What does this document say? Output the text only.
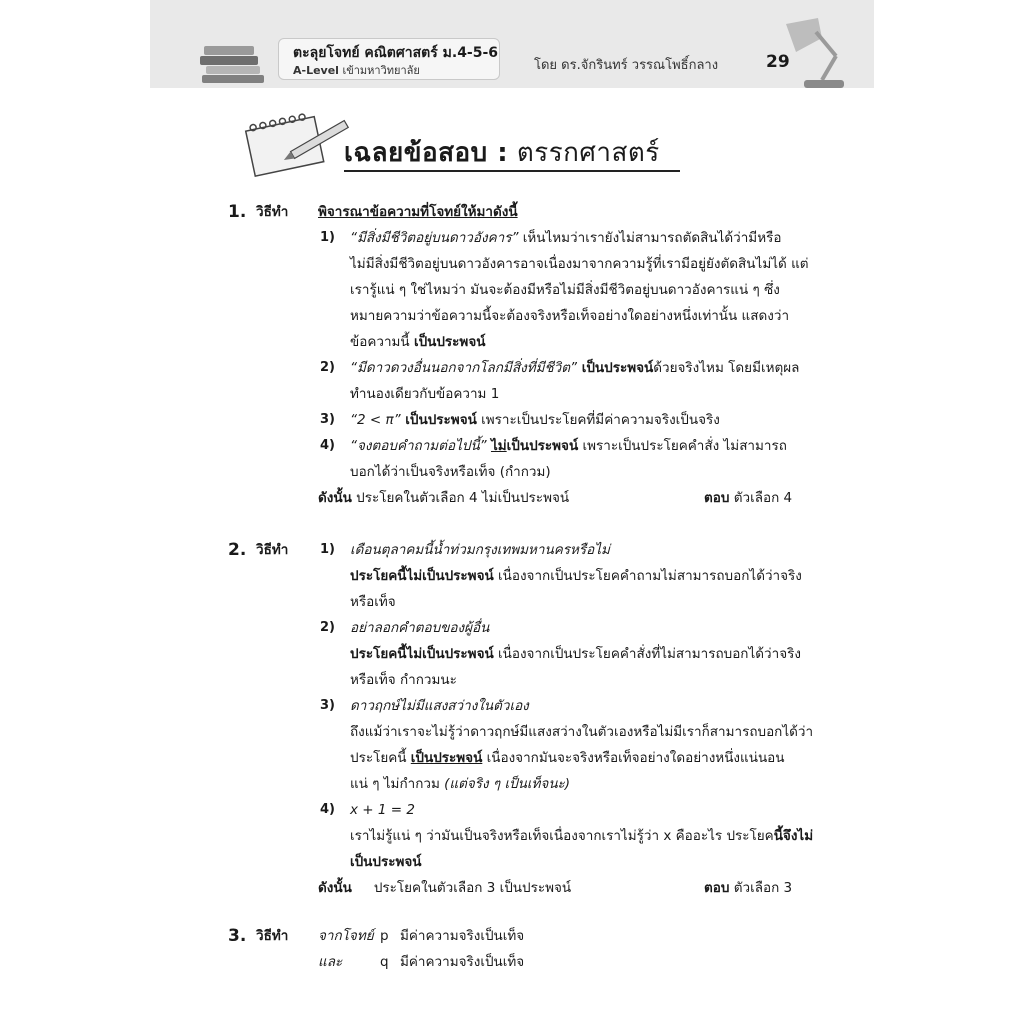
ตะลุยโจทย์ คณิตศาสตร์ ม.4-5-6
A-Level เข้ามหาวิทยาลัย	โดย ดร.จักรินทร์ วรรณโพธิ์กลาง	29
เฉลยข้อสอบ : ตรรกศาสตร์
1. วิธีทำ พิจารณาข้อความที่โจทย์ให้มาดังนี้
1) “มีสิ่งมีชีวิตอยู่บนดาวอังคาร” เห็นไหมว่าเรายังไม่สามารถตัดสินได้ว่ามีหรือ
ไม่มีสิ่งมีชีวิตอยู่บนดาวอังคารอาจเนื่องมาจากความรู้ที่เรามีอยู่ยังตัดสินไม่ได้ แต่
เรารู้แน่ ๆ ใช่ไหมว่า มันจะต้องมีหรือไม่มีสิ่งมีชีวิตอยู่บนดาวอังคารแน่ ๆ ซึ่ง
หมายความว่าข้อความนี้จะต้องจริงหรือเท็จอย่างใดอย่างหนึ่งเท่านั้น แสดงว่า
ข้อความนี้ เป็นประพจน์
2) “มีดาวดวงอื่นนอกจากโลกมีสิ่งที่มีชีวิต” เป็นประพจน์ด้วยจริงไหม โดยมีเหตุผล
ทำนองเดียวกับข้อความ 1
3) “2 < π” เป็นประพจน์ เพราะเป็นประโยคที่มีค่าความจริงเป็นจริง
4) “จงตอบคำถามต่อไปนี้” ไม่เป็นประพจน์ เพราะเป็นประโยคคำสั่ง ไม่สามารถ
บอกได้ว่าเป็นจริงหรือเท็จ (กำกวม)
ดังนั้น ประโยคในตัวเลือก 4 ไม่เป็นประพจน์	ตอบ ตัวเลือก 4
2. วิธีทำ 1) เดือนตุลาคมนี้น้ำท่วมกรุงเทพมหานครหรือไม่
ประโยคนี้ไม่เป็นประพจน์ เนื่องจากเป็นประโยคคำถามไม่สามารถบอกได้ว่าจริง
หรือเท็จ
2) อย่าลอกคำตอบของผู้อื่น
ประโยคนี้ไม่เป็นประพจน์ เนื่องจากเป็นประโยคคำสั่งที่ไม่สามารถบอกได้ว่าจริง
หรือเท็จ กำกวมนะ
3) ดาวฤกษ์ไม่มีแสงสว่างในตัวเอง
ถึงแม้ว่าเราจะไม่รู้ว่าดาวฤกษ์มีแสงสว่างในตัวเองหรือไม่มีเราก็สามารถบอกได้ว่า
ประโยคนี้ เป็นประพจน์ เนื่องจากมันจะจริงหรือเท็จอย่างใดอย่างหนึ่งแน่นอน
แน่ ๆ ไม่กำกวม (แต่จริง ๆ เป็นเท็จนะ)
4) x + 1 = 2
เราไม่รู้แน่ ๆ ว่ามันเป็นจริงหรือเท็จเนื่องจากเราไม่รู้ว่า x คืออะไร ประโยคนี้จึงไม่
เป็นประพจน์
ดังนั้น ประโยคในตัวเลือก 3 เป็นประพจน์	ตอบ ตัวเลือก 3
3. วิธีทำ จากโจทย์ p มีค่าความจริงเป็นเท็จ
และ	q มีค่าความจริงเป็นเท็จ
